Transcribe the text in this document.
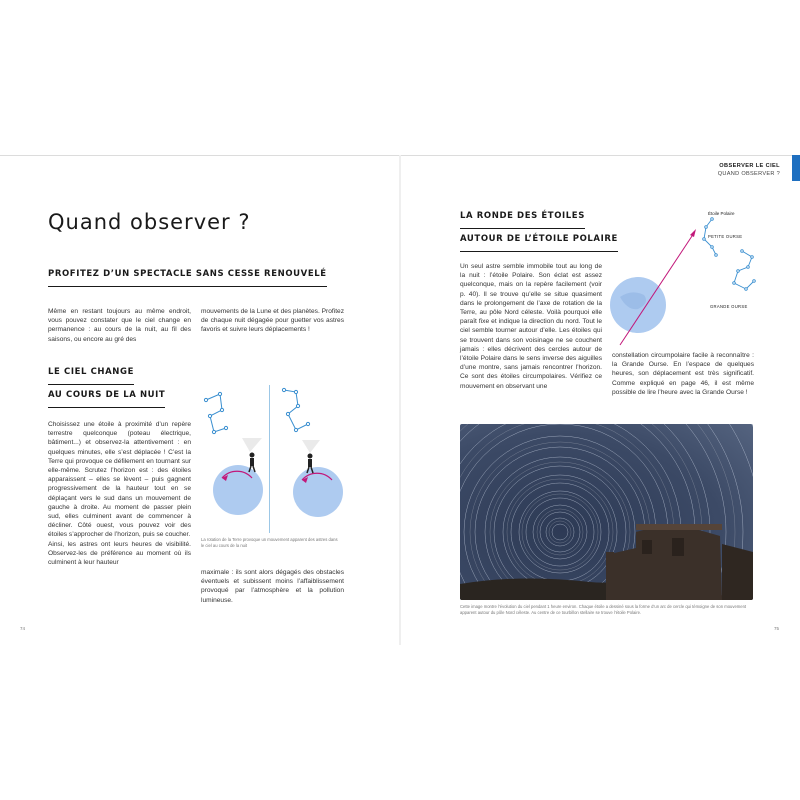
Quand observer ?
PROFITEZ D’UN SPECTACLE SANS CESSE RENOUVELÉ

Même en restant toujours au même endroit, vous pouvez constater que le ciel change en permanence : au cours de la nuit, au fil des saisons, ou encore au gré des

mouvements de la Lune et des planètes. Profitez de chaque nuit dégagée pour guetter vos astres favoris et suivre leurs déplacements !

LE CIEL CHANGE
AU COURS DE LA NUIT

Choisissez une étoile à proximité d’un repère terrestre quelconque (poteau électrique, bâtiment...) et observez-la attentivement : en quelques minutes, elle s’est déplacée ! C’est la Terre qui provoque ce défilement en tournant sur elle-même. Scrutez l’horizon est : des étoiles apparaissent – elles se lèvent – puis gagnent progressivement de la hauteur tout en se déplaçant vers le sud dans un mouvement de gauche à droite. Au moment de passer plein sud, elles culminent avant de commencer à décliner. Côté ouest, vous pouvez voir des étoiles s’approcher de l’horizon, puis se coucher.
Ainsi, les astres ont leurs heures de visibilité. Observez-les de préférence au moment où ils culminent à leur hauteur

maximale : ils sont alors dégagés des obstacles éventuels et subissent moins l’affaiblissement provoqué par l’atmosphère et la pollution lumineuse.

La rotation de la Terre provoque un mouvement apparent des astres dans le ciel au cours de la nuit

74
OBSERVER LE CIEL
QUAND OBSERVER ?
LA RONDE DES ÉTOILES
AUTOUR DE L’ÉTOILE POLAIRE

Un seul astre semble immobile tout au long de la nuit : l’étoile Polaire. Son éclat est assez quelconque, mais on la repère facilement (voir p. 40). Il se trouve qu’elle se situe quasiment dans le prolongement de l’axe de rotation de la Terre, au pôle Nord céleste. Voilà pourquoi elle paraît fixe et indique la direction du nord. Tout le ciel semble tourner autour d’elle. Les étoiles qui se trouvent dans son voisinage ne se couchent jamais : elles décrivent des cercles autour de l’étoile Polaire dans le sens inverse des aiguilles d’une montre, sans jamais rencontrer l’horizon. Ce sont des étoiles circumpolaires. Vérifiez ce mouvement en observant une

constellation circumpolaire facile à reconnaître : la Grande Ourse. En l’espace de quelques heures, son déplacement est très significatif. Comme expliqué en page 46, il est même possible de lire l’heure avec la Grande Ourse !

Étoile Polaire
PETITE OURSE
GRANDE OURSE

Cette image montre l’évolution du ciel pendant 1 heure environ. Chaque étoile a dessiné sous la forme d’un arc de cercle qui témoigne de son mouvement apparent autour du pôle Nord céleste. Au centre de ce tourbillon stellaire se trouve l’étoile Polaire.

75
